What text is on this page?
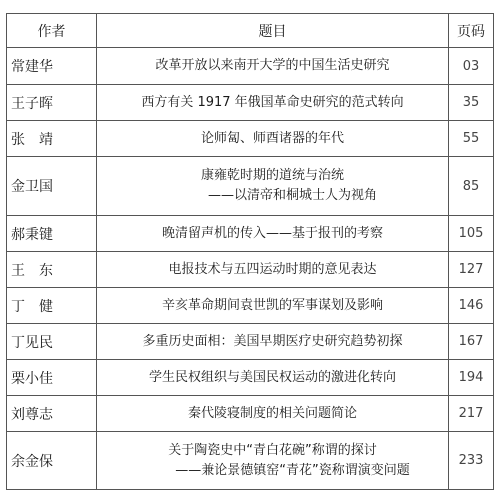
作者	题目	页码
常建华	改革开放以来南开大学的中国生活史研究	03
王子晖	西方有关 1917 年俄国革命史研究的范式转向	35
张　靖	论师匐、师酉诸器的年代	55
金卫国	康雍乾时期的道统与治统
——以清帝和桐城士人为视角	85
郝秉键	晚清留声机的传入——基于报刊的考察	105
王　东	电报技术与五四运动时期的意见表达	127
丁　健	辛亥革命期间袁世凯的军事谋划及影响	146
丁见民	多重历史面相：美国早期医疗史研究趋势初探	167
栗小佳	学生民权组织与美国民权运动的激进化转向	194
刘尊志	秦代陵寝制度的相关问题简论	217
余金保	关于陶瓷史中“青白花碗”称谓的探讨
——兼论景德镇窑“青花”瓷称谓演变问题	233
